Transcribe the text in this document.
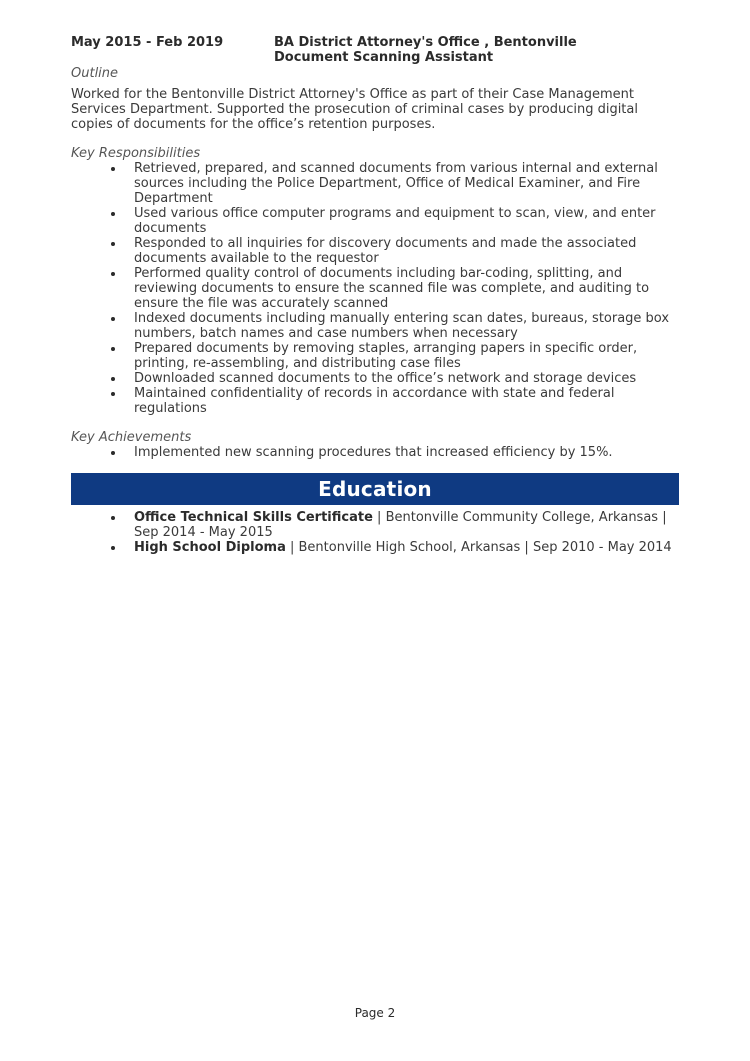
May 2015 - Feb 2019	BA District Attorney's Office , Bentonville
Document Scanning Assistant
Outline
Worked for the Bentonville District Attorney's Office as part of their Case Management Services Department. Supported the prosecution of criminal cases by producing digital copies of documents for the office’s retention purposes.
Key Responsibilities
Retrieved, prepared, and scanned documents from various internal and external sources including the Police Department, Office of Medical Examiner, and Fire Department
Used various office computer programs and equipment to scan, view, and enter documents
Responded to all inquiries for discovery documents and made the associated documents available to the requestor
Performed quality control of documents including bar-coding, splitting, and reviewing documents to ensure the scanned file was complete, and auditing to ensure the file was accurately scanned
Indexed documents including manually entering scan dates, bureaus, storage box numbers, batch names and case numbers when necessary
Prepared documents by removing staples, arranging papers in specific order, printing, re-assembling, and distributing case files
Downloaded scanned documents to the office’s network and storage devices
Maintained confidentiality of records in accordance with state and federal regulations
Key Achievements
Implemented new scanning procedures that increased efficiency by 15%.
Education
Office Technical Skills Certificate | Bentonville Community College, Arkansas | Sep 2014 - May 2015
High School Diploma | Bentonville High School, Arkansas | Sep 2010 - May 2014
Page 2
